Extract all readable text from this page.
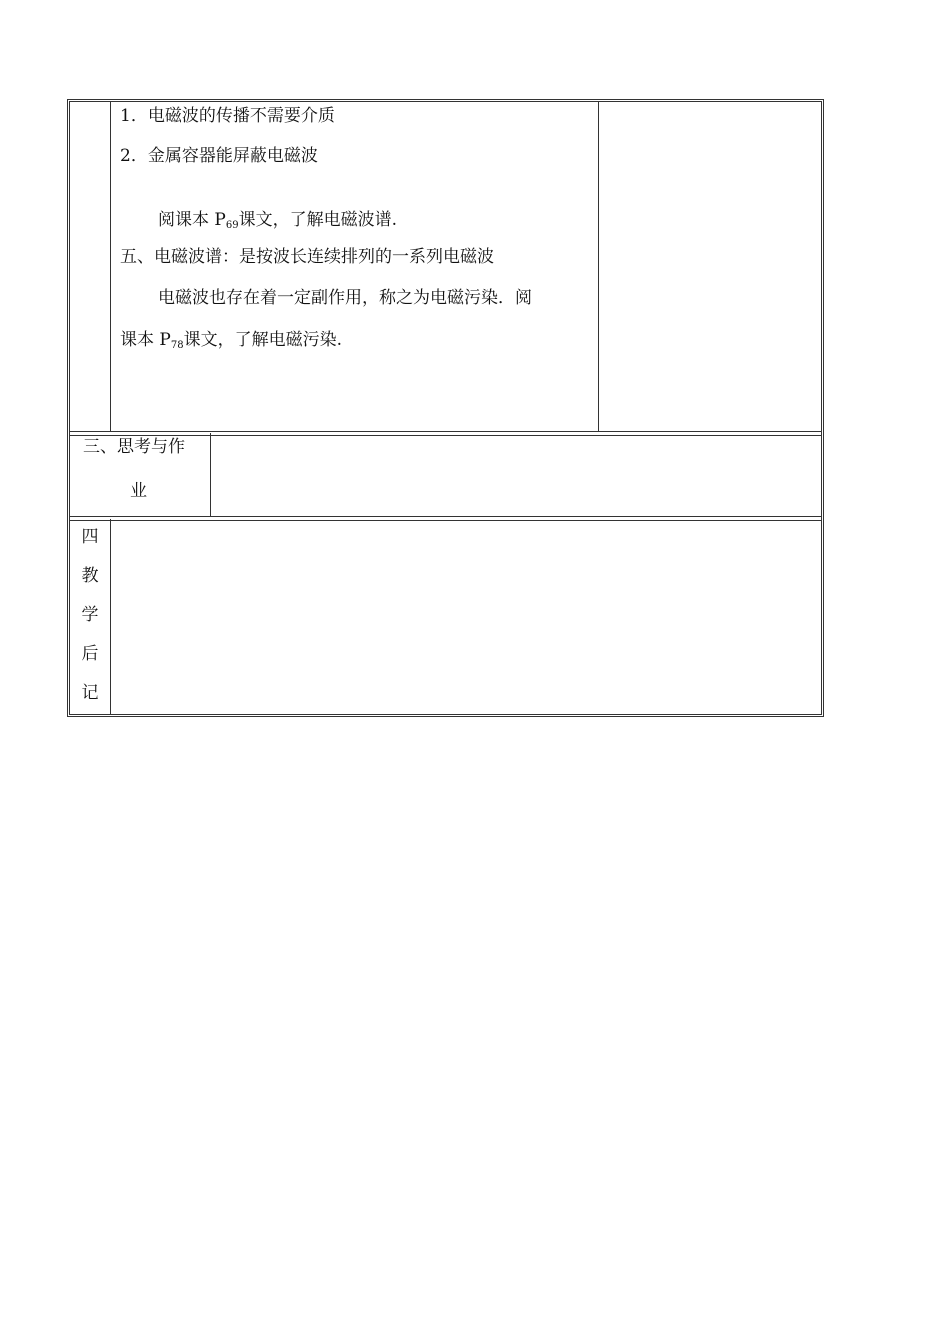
1．电磁波的传播不需要介质
2．金属容器能屏蔽电磁波
阅课本 $P_{69}$课文，了解电磁波谱.
五、电磁波谱：是按波长连续排列的一系列电磁波
电磁波也存在着一定副作用，称之为电磁污染．阅
课本 $P_{78}$课文，了解电磁污染.
三、思考与作
业
四
教
学
后
记
